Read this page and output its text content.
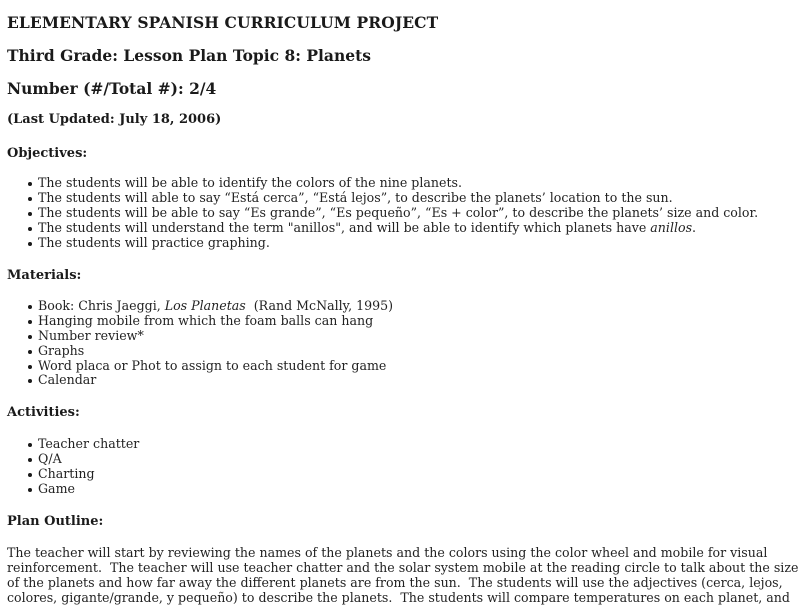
ELEMENTARY SPANISH CURRICULUM PROJECT
Third Grade: Lesson Plan Topic 8: Planets
Number (#/Total #): 2/4
(Last Updated: July 18, 2006)
Objectives:
The students will be able to identify the colors of the nine planets.
The students will able to say “Está cerca”, “Está lejos”, to describe the planets’ location to the sun.
The students will be able to say “Es grande”, “Es pequeño”, “Es + color”, to describe the planets’ size and color.
The students will understand the term "anillos", and will be able to identify which planets have anillos.
The students will practice graphing.
Materials:
Book: Chris Jaeggi, Los Planetas  (Rand McNally, 1995)
Hanging mobile from which the foam balls can hang
Number review*
Graphs
Word placa or Phot to assign to each student for game
Calendar
Activities:
Teacher chatter
Q/A
Charting
Game
Plan Outline:
The teacher will start by reviewing the names of the planets and the colors using the color wheel and mobile for visual
reinforcement.  The teacher will use teacher chatter and the solar system mobile at the reading circle to talk about the size
of the planets and how far away the different planets are from the sun.  The students will use the adjectives (cerca, lejos,
colores, gigante/grande, y pequeño) to describe the planets.  The students will compare temperatures on each planet, and
